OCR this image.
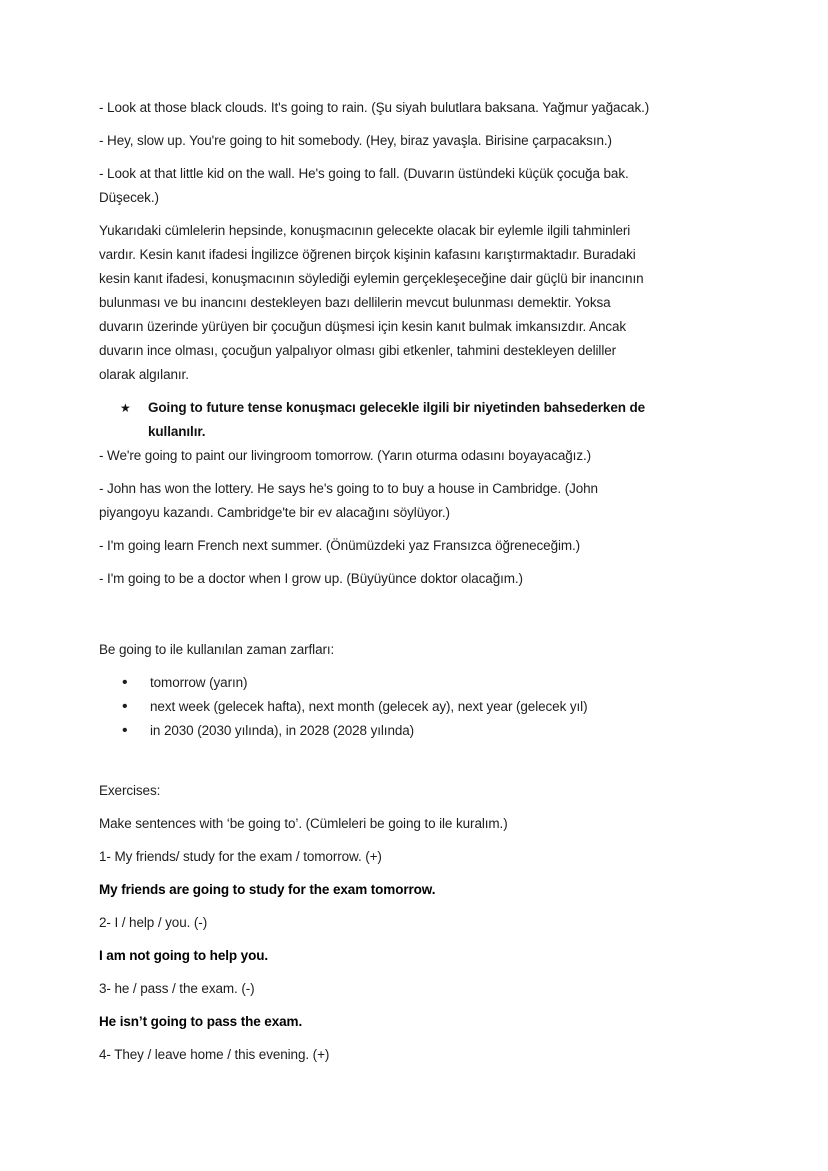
- Look at those black clouds. It's going to rain. (Şu siyah bulutlara baksana. Yağmur yağacak.)
- Hey, slow up. You're going to hit somebody. (Hey, biraz yavaşla. Birisine çarpacaksın.)
- Look at that little kid on the wall. He's going to fall. (Duvarın üstündeki küçük çocuğa bak.
Düşecek.)
Yukarıdaki cümlelerin hepsinde, konuşmacının gelecekte olacak bir eylemle ilgili tahminleri
vardır. Kesin kanıt ifadesi İngilizce öğrenen birçok kişinin kafasını karıştırmaktadır. Buradaki
kesin kanıt ifadesi, konuşmacının söylediği eylemin gerçekleşeceğine dair güçlü bir inancının
bulunması ve bu inancını destekleyen bazı dellilerin mevcut bulunması demektir. Yoksa
duvarın üzerinde yürüyen bir çocuğun düşmesi için kesin kanıt bulmak imkansızdır. Ancak
duvarın ince olması, çocuğun yalpalıyor olması gibi etkenler, tahmini destekleyen deliller
olarak algılanır.
★	Going to future tense konuşmacı gelecekle ilgili bir niyetinden bahsederken de
kullanılır.
- We're going to paint our livingroom tomorrow. (Yarın oturma odasını boyayacağız.)
- John has won the lottery. He says he's going to to buy a house in Cambridge. (John
piyangoyu kazandı. Cambridge'te bir ev alacağını söylüyor.)
- I'm going learn French next summer. (Önümüzdeki yaz Fransızca öğreneceğim.)
- I'm going to be a doctor when I grow up. (Büyüyünce doktor olacağım.)
Be going to ile kullanılan zaman zarfları:
•	tomorrow (yarın)
•	next week (gelecek hafta), next month (gelecek ay), next year (gelecek yıl)
•	in 2030 (2030 yılında), in 2028 (2028 yılında)
Exercises:
Make sentences with ‘be going to’. (Cümleleri be going to ile kuralım.)
1- My friends/ study for the exam / tomorrow. (+)
My friends are going to study for the exam tomorrow.
2- I / help / you. (-)
I am not going to help you.
3- he / pass / the exam. (-)
He isn’t going to pass the exam.
4- They / leave home / this evening. (+)
